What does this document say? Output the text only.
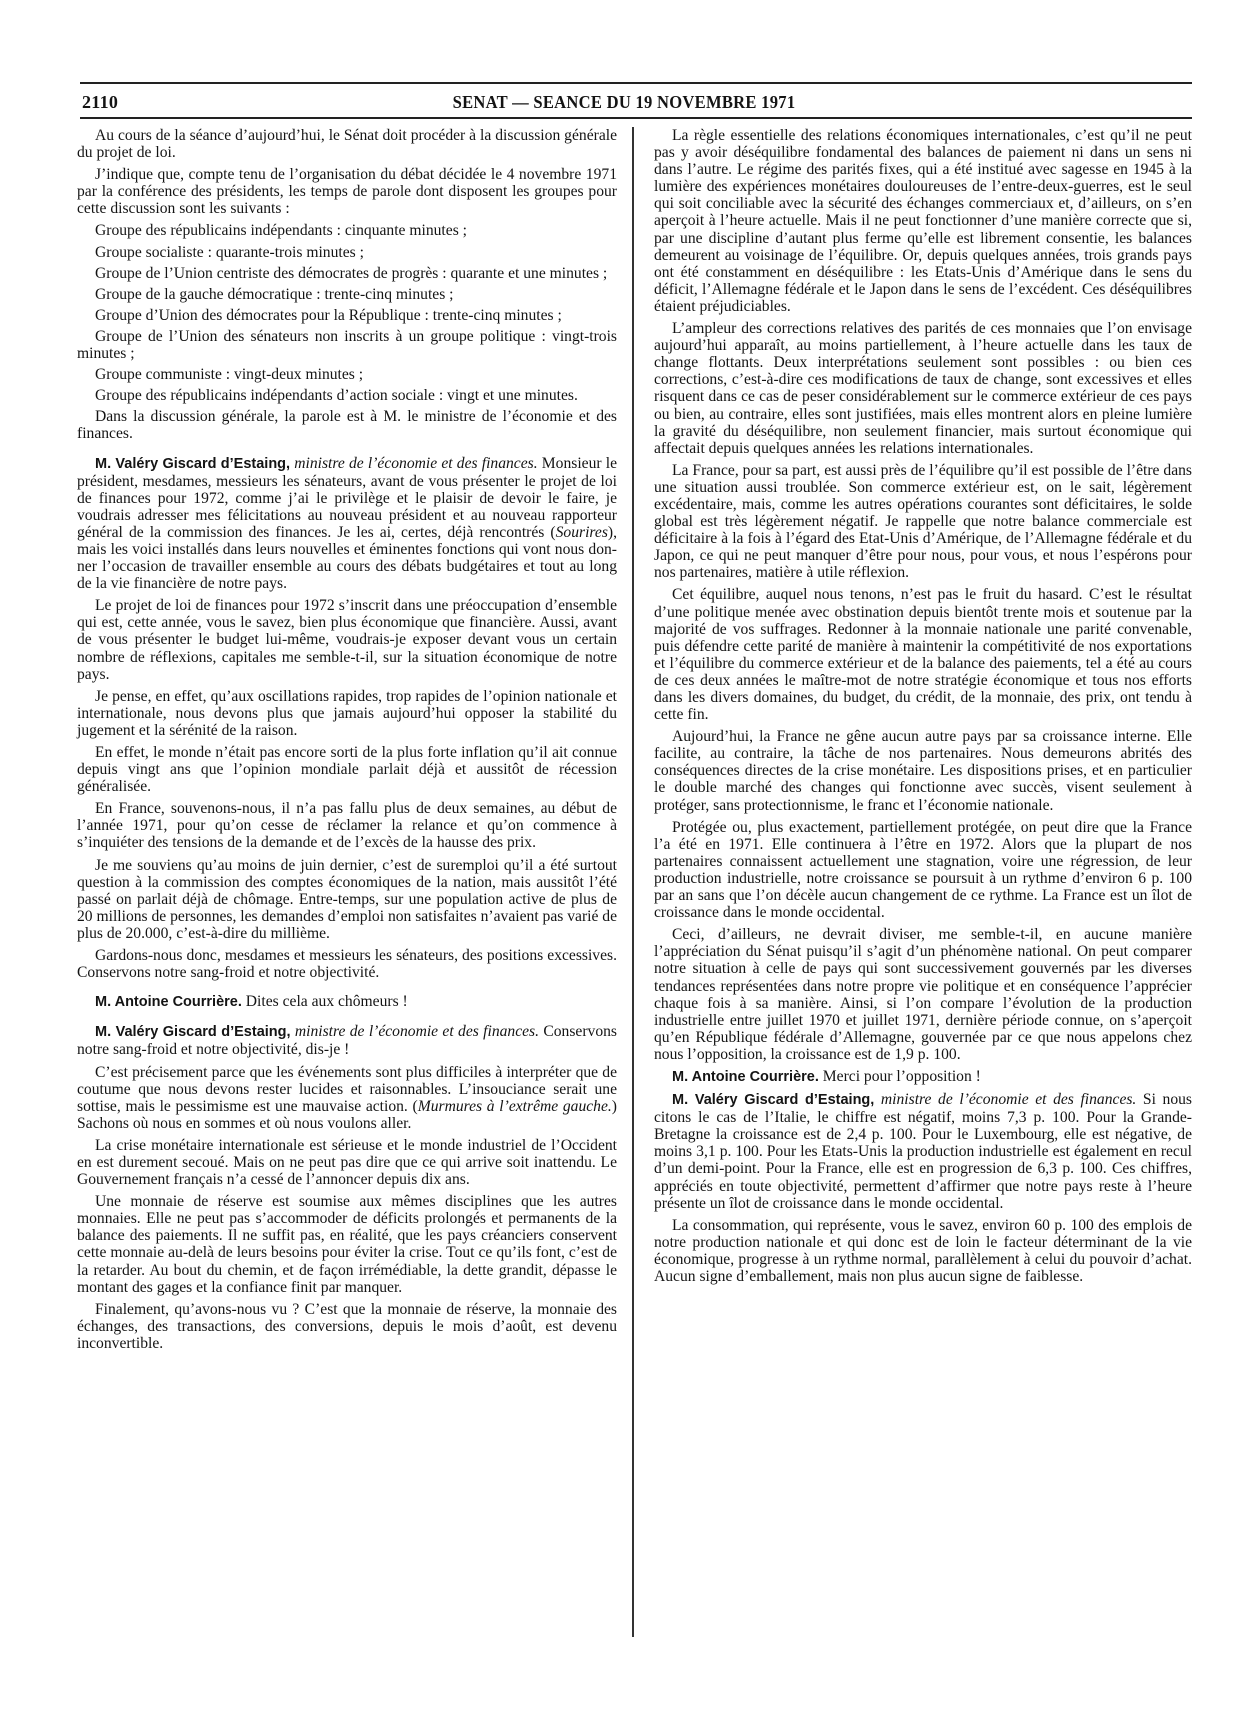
2110	SENAT — SEANCE DU 19 NOVEMBRE 1971

Au cours de la séance d’aujourd’hui, le Sénat doit procéder à la discussion générale du projet de loi.

J’indique que, compte tenu de l’organisation du débat décidée le 4 novembre 1971 par la conférence des présidents, les temps de parole dont disposent les groupes pour cette discussion sont les suivants :

Groupe des républicains indépendants : cinquante minutes ;

Groupe socialiste : quarante-trois minutes ;

Groupe de l’Union centriste des démocrates de progrès : quarante et une minutes ;

Groupe de la gauche démocratique : trente-cinq minutes ;

Groupe d’Union des démocrates pour la République : trente-cinq minutes ;

Groupe de l’Union des sénateurs non inscrits à un groupe politique : vingt-trois minutes ;

Groupe communiste : vingt-deux minutes ;

Groupe des républicains indépendants d’action sociale : vingt et une minutes.

Dans la discussion générale, la parole est à M. le ministre de l’économie et des finances.

M. Valéry Giscard d’Estaing, ministre de l’économie et des finances. Monsieur le président, mesdames, messieurs les sénateurs, avant de vous présenter le projet de loi de finances pour 1972, comme j’ai le privilège et le plaisir de devoir le faire, je voudrais adresser mes félicitations au nouveau président et au nouveau rapporteur général de la commission des finances. Je les ai, certes, déjà rencontrés (Sourires), mais les voici installés dans leurs nouvelles et éminentes fonctions qui vont nous donner l’occasion de travailler ensemble au cours des débats budgétaires et tout au long de la vie financière de notre pays.

Le projet de loi de finances pour 1972 s’inscrit dans une préoccupation d’ensemble qui est, cette année, vous le savez, bien plus économique que financière. Aussi, avant de vous présenter le budget lui-même, voudrais-je exposer devant vous un certain nombre de réflexions, capitales me semble-t-il, sur la situation économique de notre pays.

Je pense, en effet, qu’aux oscillations rapides, trop rapides de l’opinion nationale et internationale, nous devons plus que jamais aujourd’hui opposer la stabilité du jugement et la sérénité de la raison.

En effet, le monde n’était pas encore sorti de la plus forte inflation qu’il ait connue depuis vingt ans que l’opinion mondiale parlait déjà et aussitôt de récession généralisée.

En France, souvenons-nous, il n’a pas fallu plus de deux semaines, au début de l’année 1971, pour qu’on cesse de réclamer la relance et qu’on commence à s’inquiéter des tensions de la demande et de l’excès de la hausse des prix.

Je me souviens qu’au moins de juin dernier, c’est de suremploi qu’il a été surtout question à la commission des comptes économiques de la nation, mais aussitôt l’été passé on parlait déjà de chômage. Entre-temps, sur une population active de plus de 20 millions de personnes, les demandes d’emploi non satisfaites n’avaient pas varié de plus de 20.000, c’est-à-dire du millième.

Gardons-nous donc, mesdames et messieurs les sénateurs, des positions excessives. Conservons notre sang-froid et notre objectivité.

M. Antoine Courrière. Dites cela aux chômeurs !

M. Valéry Giscard d’Estaing, ministre de l’économie et des finances. Conservons notre sang-froid et notre objectivité, dis-je !

C’est précisement parce que les événements sont plus difficiles à interpréter que de coutume que nous devons rester lucides et raisonnables. L’insouciance serait une sottise, mais le pessimisme est une mauvaise action. (Murmures à l’extrême gauche.) Sachons où nous en sommes et où nous voulons aller.

La crise monétaire internationale est sérieuse et le monde industriel de l’Occident en est durement secoué. Mais on ne peut pas dire que ce qui arrive soit inattendu. Le Gouvernement français n’a cessé de l’annoncer depuis dix ans.

Une monnaie de réserve est soumise aux mêmes disciplines que les autres monnaies. Elle ne peut pas s’accommoder de déficits prolongés et permanents de la balance des paiements. Il ne suffit pas, en réalité, que les pays créanciers conservent cette monnaie au-delà de leurs besoins pour éviter la crise. Tout ce qu’ils font, c’est de la retarder. Au bout du chemin, et de façon irrémédiable, la dette grandit, dépasse le montant des gages et la confiance finit par manquer.

Finalement, qu’avons-nous vu ? C’est que la monnaie de réserve, la monnaie des échanges, des transactions, des conversions, depuis le mois d’août, est devenu inconvertible.

La règle essentielle des relations économiques internationales, c’est qu’il ne peut pas y avoir déséquilibre fondamental des balances de paiement ni dans un sens ni dans l’autre. Le régime des parités fixes, qui a été institué avec sagesse en 1945 à la lumière des expériences monétaires douloureuses de l’entre-deux-guerres, est le seul qui soit conciliable avec la sécurité des échanges commerciaux et, d’ailleurs, on s’en aperçoit à l’heure actuelle. Mais il ne peut fonctionner d’une manière correcte que si, par une discipline d’autant plus ferme qu’elle est librement consentie, les balances demeurent au voisinage de l’équilibre. Or, depuis quelques années, trois grands pays ont été constamment en déséquilibre : les Etats-Unis d’Amérique dans le sens du déficit, l’Allemagne fédérale et le Japon dans le sens de l’excédent. Ces déséquilibres étaient préjudiciables.

L’ampleur des corrections relatives des parités de ces monnaies que l’on envisage aujourd’hui apparaît, au moins partiellement, à l’heure actuelle dans les taux de change flottants. Deux interprétations seulement sont possibles : ou bien ces corrections, c’est-à-dire ces modifications de taux de change, sont excessives et elles risquent dans ce cas de peser considérablement sur le commerce extérieur de ces pays ou bien, au contraire, elles sont justifiées, mais elles montrent alors en pleine lumière la gravité du déséquilibre, non seulement financier, mais surtout économique qui affectait depuis quelques années les relations internationales.

La France, pour sa part, est aussi près de l’équilibre qu’il est possible de l’être dans une situation aussi troublée. Son commerce extérieur est, on le sait, légèrement excédentaire, mais, comme les autres opérations courantes sont déficitaires, le solde global est très légèrement négatif. Je rappelle que notre balance commerciale est déficitaire à la fois à l’égard des Etat-Unis d’Amérique, de l’Allemagne fédérale et du Japon, ce qui ne peut manquer d’être pour nous, pour vous, et nous l’espérons pour nos partenaires, matière à utile réflexion.

Cet équilibre, auquel nous tenons, n’est pas le fruit du hasard. C’est le résultat d’une politique menée avec obstination depuis bientôt trente mois et soutenue par la majorité de vos suffrages. Redonner à la monnaie nationale une parité convenable, puis défendre cette parité de manière à maintenir la compétitivité de nos exportations et l’équilibre du commerce extérieur et de la balance des paiements, tel a été au cours de ces deux années le maître-mot de notre stratégie économique et tous nos efforts dans les divers domaines, du budget, du crédit, de la monnaie, des prix, ont tendu à cette fin.

Aujourd’hui, la France ne gêne aucun autre pays par sa croissance interne. Elle facilite, au contraire, la tâche de nos partenaires. Nous demeurons abrités des conséquences directes de la crise monétaire. Les dispositions prises, et en particulier le double marché des changes qui fonctionne avec succès, visent seulement à protéger, sans protectionnisme, le franc et l’économie nationale.

Protégée ou, plus exactement, partiellement protégée, on peut dire que la France l’a été en 1971. Elle continuera à l’être en 1972. Alors que la plupart de nos partenaires connaissent actuellement une stagnation, voire une régression, de leur production industrielle, notre croissance se poursuit à un rythme d’environ 6 p. 100 par an sans que l’on décèle aucun changement de ce rythme. La France est un îlot de croissance dans le monde occidental.

Ceci, d’ailleurs, ne devrait diviser, me semble-t-il, en aucune manière l’appréciation du Sénat puisqu’il s’agit d’un phénomène national. On peut comparer notre situation à celle de pays qui sont successivement gouvernés par les diverses tendances représentées dans notre propre vie politique et en conséquence l’apprécier chaque fois à sa manière. Ainsi, si l’on compare l’évolution de la production industrielle entre juillet 1970 et juillet 1971, dernière période connue, on s’aperçoit qu’en République fédérale d’Allemagne, gouvernée par ce que nous appelons chez nous l’opposition, la croissance est de 1,9 p. 100.

M. Antoine Courrière. Merci pour l’opposition !

M. Valéry Giscard d’Estaing, ministre de l’économie et des finances. Si nous citons le cas de l’Italie, le chiffre est négatif, moins 7,3 p. 100. Pour la Grande-Bretagne la croissance est de 2,4 p. 100. Pour le Luxembourg, elle est négative, de moins 3,1 p. 100. Pour les Etats-Unis la production industrielle est également en recul d’un demi-point. Pour la France, elle est en progression de 6,3 p. 100. Ces chiffres, appréciés en toute objectivité, permettent d’affirmer que notre pays reste à l’heure présente un îlot de croissance dans le monde occidental.

La consommation, qui représente, vous le savez, environ 60 p. 100 des emplois de notre production nationale et qui donc est de loin le facteur déterminant de la vie économique, progresse à un rythme normal, parallèlement à celui du pouvoir d’achat. Aucun signe d’emballement, mais non plus aucun signe de faiblesse.
